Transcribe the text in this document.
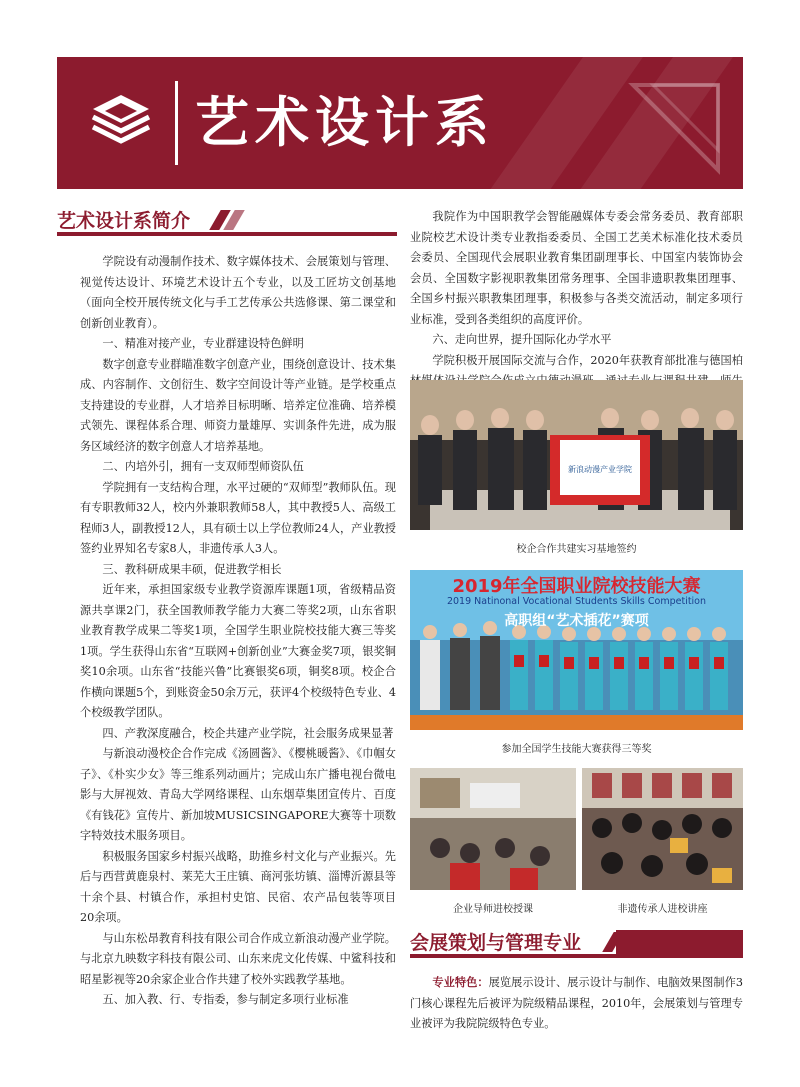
艺术设计系
艺术设计系简介

学院设有动漫制作技术、数字媒体技术、会展策划与管理、视觉传达设计、环境艺术设计五个专业，以及工匠坊文创基地（面向全校开展传统文化与手工艺传承公共选修课、第二课堂和创新创业教育）。

一、精准对接产业，专业群建设特色鲜明

数字创意专业群瞄准数字创意产业，围绕创意设计、技术集成、内容制作、文创衍生、数字空间设计等产业链。是学校重点支持建设的专业群，人才培养目标明晰、培养定位准确、培养模式领先、课程体系合理、师资力量雄厚、实训条件先进，成为服务区域经济的数字创意人才培养基地。

二、内培外引，拥有一支双师型师资队伍

学院拥有一支结构合理，水平过硬的“双师型”教师队伍。现有专职教师32人，校内外兼职教师58人，其中教授5人、高级工程师3人，副教授12人，具有硕士以上学位教师24人，产业教授签约业界知名专家8人，非遗传承人3人。

三、教科研成果丰硕，促进教学相长

近年来，承担国家级专业教学资源库课题1项，省级精品资源共享课2门，获全国教师教学能力大赛二等奖2项，山东省职业教育教学成果二等奖1项，全国学生职业院校技能大赛三等奖1项。学生获得山东省“互联网+创新创业”大赛金奖7项，银奖铜奖10余项。山东省“技能兴鲁”比赛银奖6项，铜奖8项。校企合作横向课题5个，到账资金50余万元，获评4个校级特色专业、4个校级教学团队。

四、产教深度融合，校企共建产业学院，社会服务成果显著

与新浪动漫校企合作完成《汤圆酱》、《樱桃暖酱》、《巾帼女子》、《朴实少女》等三维系列动画片；完成山东广播电视台微电影与大屏视效、青岛大学网络课程、山东烟草集团宣传片、百度《有钱花》宣传片、新加坡MUSICSINGAPORE大赛等十项数字特效技术服务项目。

积极服务国家乡村振兴战略，助推乡村文化与产业振兴。先后与西营黄鹿泉村、莱芜大王庄镇、商河张坊镇、淄博沂源县等十余个县、村镇合作，承担村史馆、民宿、农产品包装等项目20余项。

与山东松昂教育科技有限公司合作成立新浪动漫产业学院。与北京九映数字科技有限公司、山东来虎文化传媒、中鲨科技和昭星影视等20余家企业合作共建了校外实践教学基地。

五、加入教、行、专指委，参与制定多项行业标准

我院作为中国职教学会智能融媒体专委会常务委员、教育部职业院校艺术设计类专业教指委委员、全国工艺美术标准化技术委员会委员、全国现代会展职业教育集团副理事长、中国室内装饰协会会员、全国数字影视职教集团常务理事、全国非遗职教集团理事、全国乡村振兴职教集团理事，积极参与各类交流活动，制定多项行业标准，受到各类组织的高度评价。

六、走向世界，提升国际化办学水平

学院积极开展国际交流与合作，2020年获教育部批准与德国柏

新浪动漫产业学院
校企合作共建实习基地签约
2019年全国职业院校技能大赛
2019 Natinonal Vocational Students Skills Competition
高职组“艺术插花”赛项
参加全国学生技能大赛获得三等奖
企业导师进校授课	非遗传承人进校讲座
会展策划与管理专业

专业特色：展览展示设计、展示设计与制作、电脑效果图制作3门核心课程先后被评为院级精品课程，2010年，会展策划与管理专业被评为我院院级特色专业。
